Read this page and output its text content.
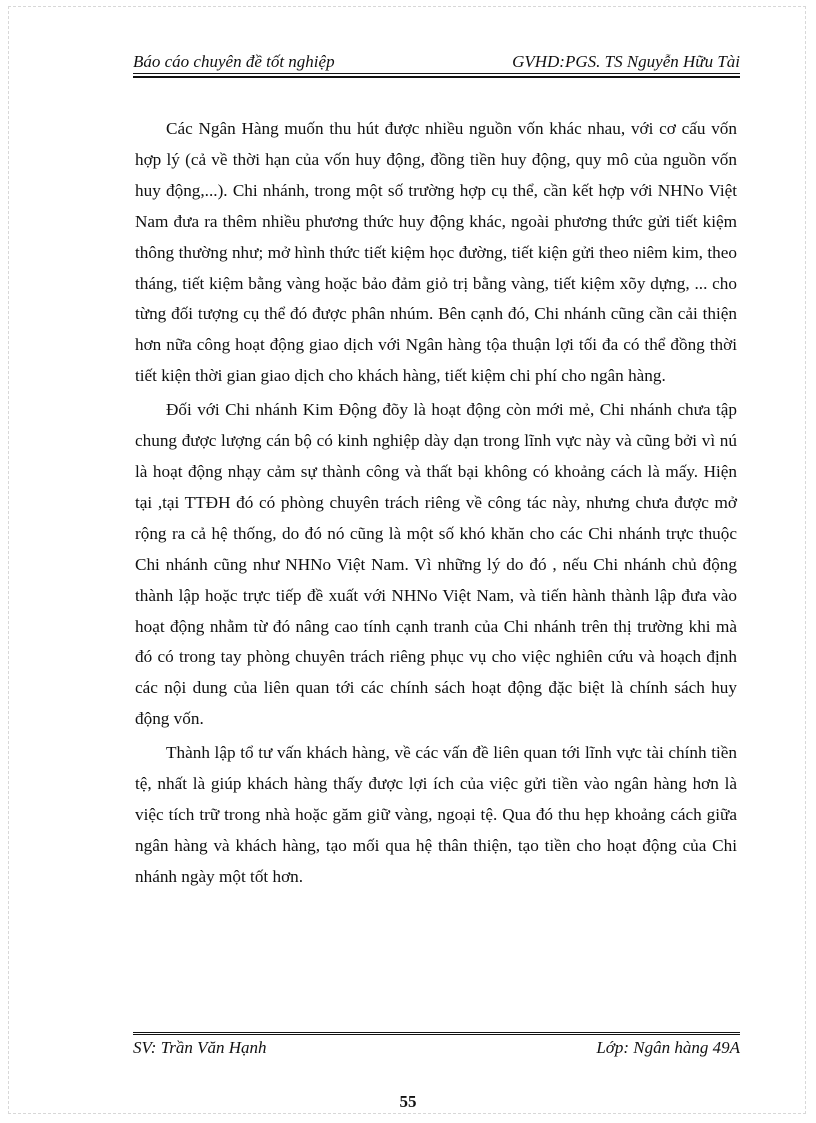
Báo cáo chuyên đề tốt nghiệp	GVHD:PGS. TS Nguyễn Hữu Tài

Các Ngân Hàng muốn thu hút được nhiều nguồn vốn khác nhau, với cơ cấu vốn hợp lý (cả về thời hạn của vốn huy động, đồng tiền huy động, quy mô của nguồn vốn huy động,...). Chi nhánh, trong một số trường hợp cụ thể, cần kết hợp với NHNo Việt Nam đưa ra thêm nhiều phương thức huy động khác, ngoài phương thức gửi tiết kiệm thông thường như; mở hình thức tiết kiệm học đường, tiết kiện gửi theo niêm kim, theo tháng, tiết kiệm bằng vàng hoặc bảo đảm giỏ trị bằng vàng, tiết kiệm xõy dựng, ... cho từng đối tượng cụ thể đó được phân nhúm. Bên cạnh đó, Chi nhánh cũng cần cải thiện hơn nữa công hoạt động giao dịch với Ngân hàng tộa thuận lợi tối đa có thể đồng thời tiết kiện thời gian giao dịch cho khách hàng, tiết kiệm chi phí cho ngân hàng.

Đối với Chi nhánh Kim Động đõy là hoạt động còn mới mẻ, Chi nhánh chưa tập chung được lượng cán bộ có kinh nghiệp dày dạn trong lĩnh vực này và cũng bởi vì nú là hoạt động nhạy cảm sự thành công và thất bại không có khoảng cách là mấy. Hiện tại ,tại TTĐH đó có phòng chuyên trách riêng về công tác này, nhưng chưa được mở rộng ra cả hệ thống, do đó nó cũng là một số khó khăn cho các Chi nhánh trực thuộc Chi nhánh cũng như NHNo Việt Nam. Vì những lý do đó , nếu Chi nhánh chủ động thành lập hoặc trực tiếp đề xuất với NHNo Việt Nam, và tiến hành thành lập đưa vào hoạt động nhằm từ đó nâng cao tính cạnh tranh của Chi nhánh trên thị trường khi mà đó có trong tay phòng chuyên trách riêng phục vụ cho việc nghiên cứu và hoạch định các nội dung của liên quan tới các chính sách hoạt động đặc biệt là chính sách huy động vốn.

Thành lập tổ tư vấn khách hàng, về các vấn đề liên quan tới lĩnh vực tài chính tiền tệ, nhất là giúp khách hàng thấy được lợi ích của việc gửi tiền vào ngân hàng hơn là việc tích trữ trong nhà hoặc găm giữ vàng, ngoại tệ. Qua đó thu hẹp khoảng cách giữa ngân hàng và khách hàng, tạo mối qua hệ thân thiện, tạo tiền cho hoạt động của Chi nhánh ngày một tốt hơn.

SV: Trần Văn Hạnh	Lớp: Ngân hàng 49A
55
